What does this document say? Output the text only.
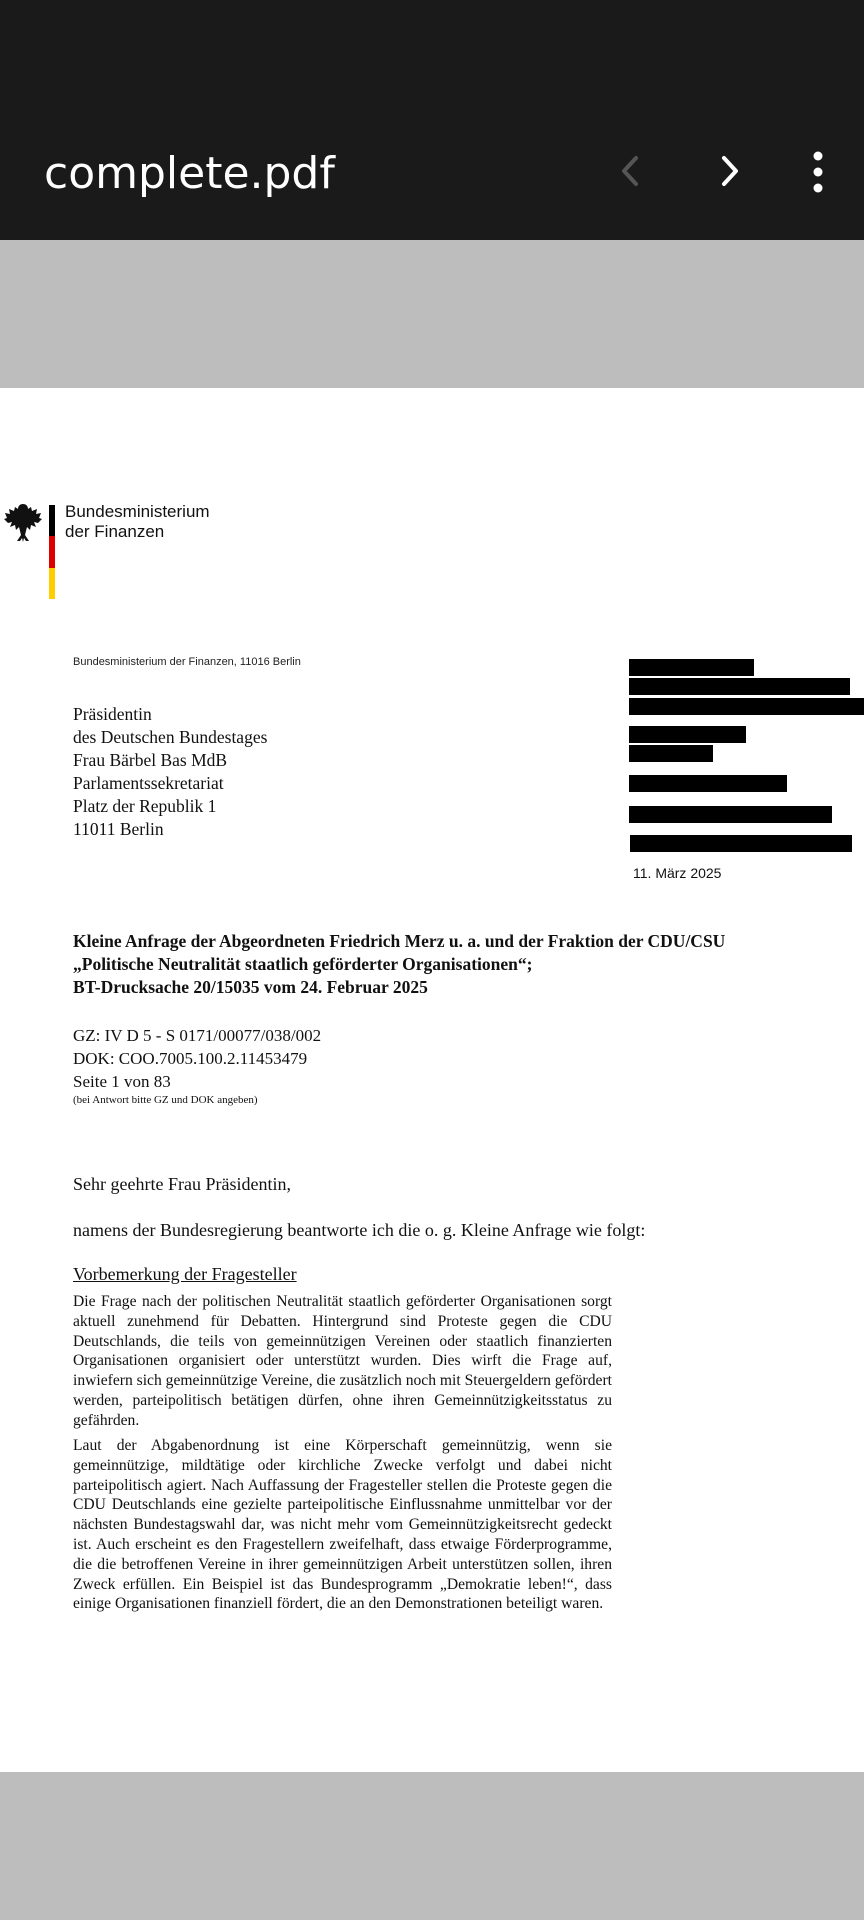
complete.pdf
Bundesministerium
der Finanzen
Bundesministerium der Finanzen, 11016 Berlin
Präsidentin
des Deutschen Bundestages
Frau Bärbel Bas MdB
Parlamentssekretariat
Platz der Republik 1
11011 Berlin
11. März 2025
Kleine Anfrage der Abgeordneten Friedrich Merz u. a. und der Fraktion der CDU/CSU
„Politische Neutralität staatlich geförderter Organisationen“;
BT-Drucksache 20/15035 vom 24. Februar 2025
GZ: IV D 5 - S 0171/00077/038/002
DOK: COO.7005.100.2.11453479
Seite 1 von 83
(bei Antwort bitte GZ und DOK angeben)
Sehr geehrte Frau Präsidentin,
namens der Bundesregierung beantworte ich die o. g. Kleine Anfrage wie folgt:
Vorbemerkung der Fragesteller

Die Frage nach der politischen Neutralität staatlich geförderter Organisationen sorgt aktuell zunehmend für Debatten. Hintergrund sind Proteste gegen die CDU Deutschlands, die teils von gemeinnützigen Vereinen oder staatlich finanzierten Organisationen organisiert oder unterstützt wurden. Dies wirft die Frage auf, inwiefern sich gemeinnützige Vereine, die zusätzlich noch mit Steuergeldern gefördert werden, parteipolitisch betätigen dürfen, ohne ihren Gemeinnützigkeitsstatus zu gefährden.

Laut der Abgabenordnung ist eine Körperschaft gemeinnützig, wenn sie gemeinnützige, mildtätige oder kirchliche Zwecke verfolgt und dabei nicht parteipolitisch agiert. Nach Auffassung der Fragesteller stellen die Proteste gegen die CDU Deutschlands eine gezielte parteipolitische Einflussnahme unmittelbar vor der nächsten Bundestagswahl dar, was nicht mehr vom Gemeinnützigkeitsrecht gedeckt ist. Auch erscheint es den Fragestellern zweifelhaft, dass etwaige Förderprogramme, die die betroffenen Vereine in ihrer gemeinnützigen Arbeit unterstützen sollen, ihren Zweck erfüllen. Ein Beispiel ist das Bundesprogramm „Demokratie leben!“, dass einige Organisationen finanziell fördert, die an den Demonstrationen beteiligt waren.
